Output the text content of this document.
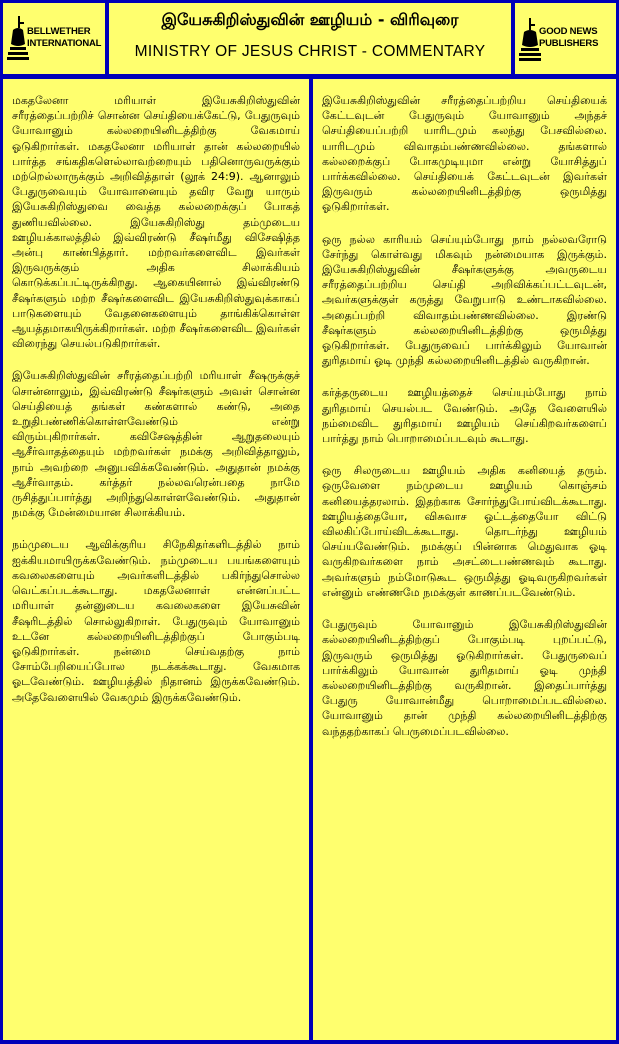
BELLWETHER
INTERNATIONAL
இயேசுகிறிஸ்துவின் ஊழியம் - விரிவுரை
MINISTRY OF JESUS CHRIST - COMMENTARY
GOOD NEWS
PUBLISHERS

மகதலேனா மரியாள் இயேசுகிறிஸ்துவின் சரீரத்தைப்பற்றிச் சொன்ன செய்தியைக்கேட்டு, பேதுருவும் யோவானும் கல்லறையினிடத்திற்கு வேகமாய் ஓடுகிறார்கள். மகதலேனா மரியாள் தான் கல்லறையில் பார்த்த சங்கதிகளெல்லாவற்றையும் பதினொருவருக்கும் மற்றெல்லாருக்கும் அறிவித்தாள் (லூக் 24:9). ஆனாலும் பேதுருவையும் யோவானையும் தவிர வேறு யாரும் இயேசுகிறிஸ்துவை வைத்த கல்லறைக்குப் போகத் துணியவில்லை. இயேசுகிறிஸ்து தம்முடைய ஊழியக்காலத்தில் இவ்விரண்டு சீஷர்மீது விசேஷித்த அன்பு காண்பித்தார். மற்றவர்களைவிட இவர்கள் இருவருக்கும் அதிக சிலாக்கியம் கொடுக்கப்பட்டிருக்கிறது. ஆகையினால் இவ்விரண்டு சீஷர்களும் மற்ற சீஷர்களைவிட இயேசுகிறிஸ்துவுக்காகப் பாடுகளையும் வேதனைகளையும் தாங்கிக்கொள்ள ஆயத்தமாகயிருக்கிறார்கள். மற்ற சீஷர்களைவிட இவர்கள் விரைந்து செயல்படுகிறார்கள்.

இயேசுகிறிஸ்துவின் சரீரத்தைப்பற்றி மரியாள் சீஷருக்குச் சொன்னாலும், இவ்விரண்டு சீஷர்களும் அவள் சொன்ன செய்தியைத் தங்கள் கண்களால் கண்டு, அதை உறுதிபண்ணிக்கொள்ளவேண்டும் என்று விரும்புகிறார்கள். கவிசேஷத்தின் ஆறுதலையும் ஆசீர்வாதத்தையும் மற்றவர்கள் நமக்கு அறிவித்தாலும், நாம் அவற்றை அனுபவிக்கவேண்டும். அதுதான் நமக்கு ஆசீர்வாதம். கர்த்தர் நல்லவரென்பதை நாமே ருசித்துப்பார்த்து அறிந்துகொள்ளவேண்டும். அதுதான் நமக்கு மேன்மையான சிலாக்கியம்.

நம்முடைய ஆவிக்குரிய சிநேகிதர்களிடத்தில் நாம் ஐக்கியமாயிருக்கவேண்டும். நம்முடைய பயங்களையும் கவலைகளையும் அவர்களிடத்தில் பகிர்ந்துசொல்ல வெட்கப்படக்கூடாது. மகதலேனாள் என்னப்பட்ட மரியாள் தன்னுடைய கவலைகளை இயேசுவின் சீஷரிடத்தில் சொல்லுகிறாள். பேதுருவும் யோவானும் உடனே கல்லறையினிடத்திற்குப் போகும்படி ஓடுகிறார்கள். நன்மை செய்வதற்கு நாம் சோம்பேறியைப்போல நடக்கக்கூடாது. வேகமாக ஓடவேண்டும். ஊழியத்தில் நிதானம் இருக்கவேண்டும். அதேவேளையில் வேகமும் இருக்கவேண்டும்.

இயேசுகிறிஸ்துவின் சரீரத்தைப்பற்றிய செய்தியைக் கேட்டவுடன் பேதுருவும் யோவானும் அந்தச் செய்தியைப்பற்றி யாரிடமும் கலந்து பேசவில்லை. யாரிடமும் விவாதம்பண்ணவில்லை. தங்களால் கல்லறைக்குப் போகமுடியுமா என்று யோசித்துப் பார்க்கவில்லை. செய்தியைக் கேட்டவுடன் இவர்கள் இருவரும் கல்லறையினிடத்திற்கு ஒருமித்து ஓடுகிறார்கள்.

ஒரு நல்ல காரியம் செய்யும்போது நாம் நல்லவரோடு சேர்ந்து கொள்வது மிகவும் நன்மையாக இருக்கும். இயேசுகிறிஸ்துவின் சீஷர்களுக்கு அவருடைய சரீரத்தைப்பற்றிய செய்தி அறிவிக்கப்பட்டவுடன், அவர்களுக்குள் கருத்து வேறுபாடு உண்டாகவில்லை. அதைப்பற்றி விவாதம்பண்ணவில்லை. இரண்டு சீஷர்களும் கல்லறையினிடத்திற்கு ஒருமித்து ஓடுகிறார்கள். பேதுருவைப் பார்க்கிலும் யோவான் துரிதமாய் ஓடி முந்தி கல்லறையினிடத்தில் வருகிறான்.

கர்த்தருடைய ஊழியத்தைச் செய்யும்போது நாம் துரிதமாய் செயல்பட வேண்டும். அதே வேளையில் நம்மைவிட துரிதமாய் ஊழியம் செய்கிறவர்களைப் பார்த்து நாம் பொறாமைப்படவும் கூடாது.

ஒரு சிலருடைய ஊழியம் அதிக கனியைத் தரும். ஒருவேளை நம்முடைய ஊழியம் கொஞ்சம் கனியைத்தரலாம். இதற்காக சோர்ந்துபோய்விடக்கூடாது. ஊழியத்தையோ, விசுவாச ஓட்டத்தையோ விட்டு விலகிப்போய்விடக்கூடாது. தொடர்ந்து ஊழியம் செய்யவேண்டும். நமக்குப் பின்னாக மெதுவாக ஓடி வருகிறவர்களை நாம் அசட்டைபண்ணவும் கூடாது. அவர்களும் நம்மோடுகூட ஒருமித்து ஓடிவருகிறவர்கள் என்னும் எண்ணமே நமக்குள் காணப்படவேண்டும்.

பேதுருவும் யோவானும் இயேசுகிறிஸ்துவின் கல்லறையினிடத்திற்குப் போகும்படி புறப்பட்டு, இருவரும் ஒருமித்து ஓடுகிறார்கள். பேதுருவைப் பார்க்கிலும் யோவான் துரிதமாய் ஓடி முந்தி கல்லறையினிடத்திற்கு வருகிறான். இதைப்பார்த்து பேதுரு யோவான்மீது பொறாமைப்படவில்லை. யோவானும் தான் முந்தி கல்லறையினிடத்திற்கு வந்ததற்காகப் பெருமைப்படவில்லை.
